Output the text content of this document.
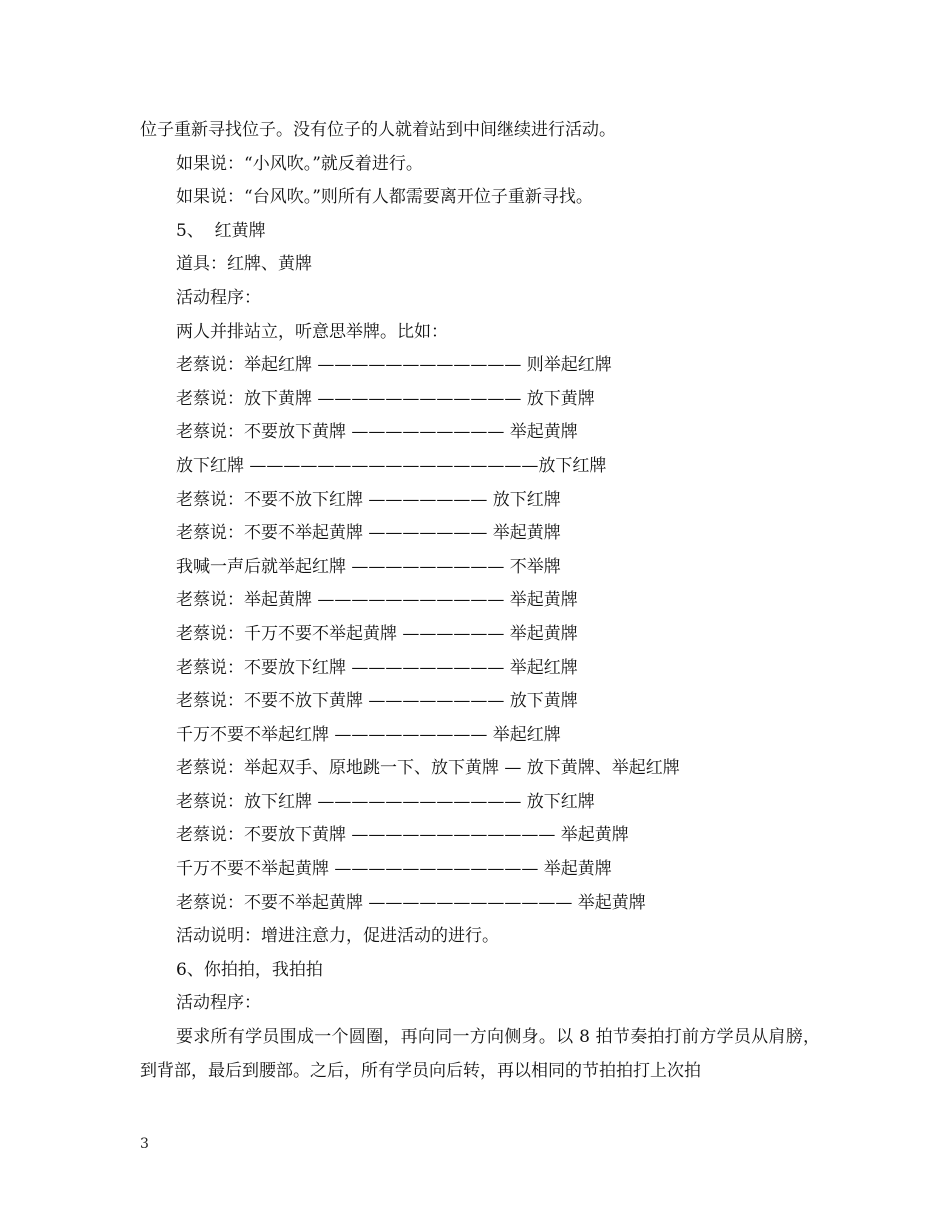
位子重新寻找位子。没有位子的人就着站到中间继续进行活动。
如果说：“小风吹。”就反着进行。
如果说：“台风吹。”则所有人都需要离开位子重新寻找。
5、  红黄牌
道具：红牌、黄牌
活动程序：
两人并排站立，听意思举牌。比如：
老蔡说：举起红牌 ———————————— 则举起红牌
老蔡说：放下黄牌 ———————————— 放下黄牌
老蔡说：不要放下黄牌 ————————— 举起黄牌
放下红牌 —————————————————放下红牌
老蔡说：不要不放下红牌 ——————— 放下红牌
老蔡说：不要不举起黄牌 ——————— 举起黄牌
我喊一声后就举起红牌 ————————— 不举牌
老蔡说：举起黄牌 ——————————— 举起黄牌
老蔡说：千万不要不举起黄牌 —————— 举起黄牌
老蔡说：不要放下红牌 ————————— 举起红牌
老蔡说：不要不放下黄牌 ———————— 放下黄牌
千万不要不举起红牌 ————————— 举起红牌
老蔡说：举起双手、原地跳一下、放下黄牌 — 放下黄牌、举起红牌
老蔡说：放下红牌 ———————————— 放下红牌
老蔡说：不要放下黄牌 ———————————— 举起黄牌
千万不要不举起黄牌 ———————————— 举起黄牌
老蔡说：不要不举起黄牌 ———————————— 举起黄牌
活动说明：增进注意力，促进活动的进行。
6、你拍拍，我拍拍
活动程序：

要求所有学员围成一个圆圈，再向同一方向侧身。以 8 拍节奏拍打前方学员从肩膀，到背部，最后到腰部。之后，所有学员向后转，再以相同的节拍拍打上次拍

3
